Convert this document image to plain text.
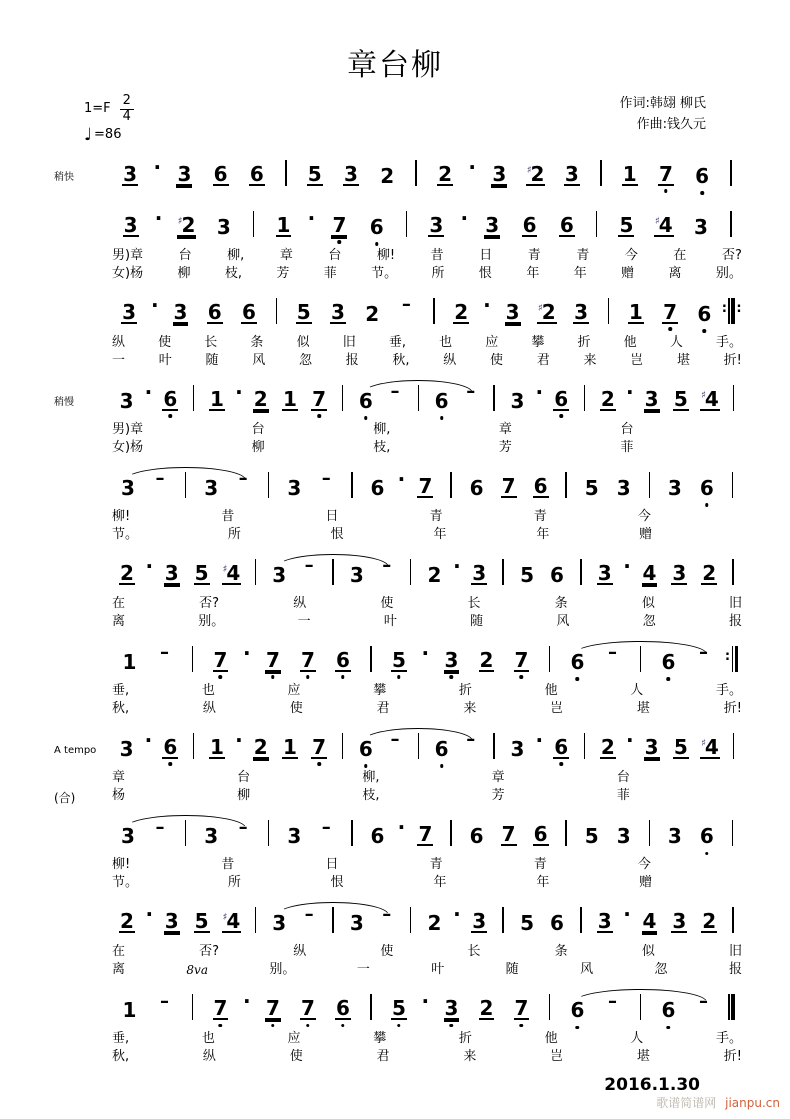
章台柳
$1=F \frac{2}{4}$
♩ =86
作词:韩翃 柳氏
作曲:钱久元
稍快	3 · 3 6 6 5 3 2 2 · 3 ♯2 3 1 7 6
3 ·	♯2 3 1 · 7 6 3 · 3 6 6 5 ♯4 3
男)章	台	柳,	章	台	柳!	昔	日	青	青	今	在	否?
女)杨	柳	枝,	芳	菲	节。	所	恨	年	年	赠	离	别。
3 · 3 6 6 5 3 2	–	2 · 3 ♯2 3 1 7 6 : :
纵	使	长	条	似	旧	垂,	也	应	攀	折	他	人	手。
一	叶	随	风	忽	报	秋,	纵	使	君	来	岂	堪	折!
稍慢	3 · 6 1 · 2 1 7 6 –	6 –	3 · 6 2 · 3 5 ♯4
男)章	台	柳,	章	台
女)杨	柳	枝,	芳	菲
3	–	3	–	3	–	6 · 7 6 7 6 5 3 3 6
柳!	昔	日	青	青	今
节。	所	恨	年	年	赠
2 · 3 5 ♯4 3	–	3	–	2 · 3 5 6 3 · 4 3 2
在	否?	纵	使	长	条	似	旧
离	别。	一	叶	随	风	忽	报
1	–	7 · 7 7 6 5 · 3 2 7 6	–	6	–	:
垂,	也	应	攀	折	他	人	手。
秋,	纵	使	君	来	岂	堪	折!
A tempo
(合)
3 · 6 1 · 2 1 7 6 –	6 –	3 · 6 2 · 3 5 ♯4
章	台	柳,	章	台
杨	柳	枝,	芳	菲
3	–	3	–	3	–	6 · 7 6 7 6 5 3 3 6
柳!	昔	日	青	青	今
节。	所	恨	年	年	赠
2 · 3 5 ♯4 3	–	3	–	2 · 3 5 6 3 · 4 3 2
在	否?	纵	使	长	条	似	旧
离	8va	别。	一	叶	随	风	忽	报
1	–	7 · 7 7 6 5 · 3 2 7 6	–	6	–
垂,	也	应	攀	折	他	人	手。
秋,	纵	使	君	来	岂	堪	折!
2016.1.30
歌谱简谱网 jianpu.cn
